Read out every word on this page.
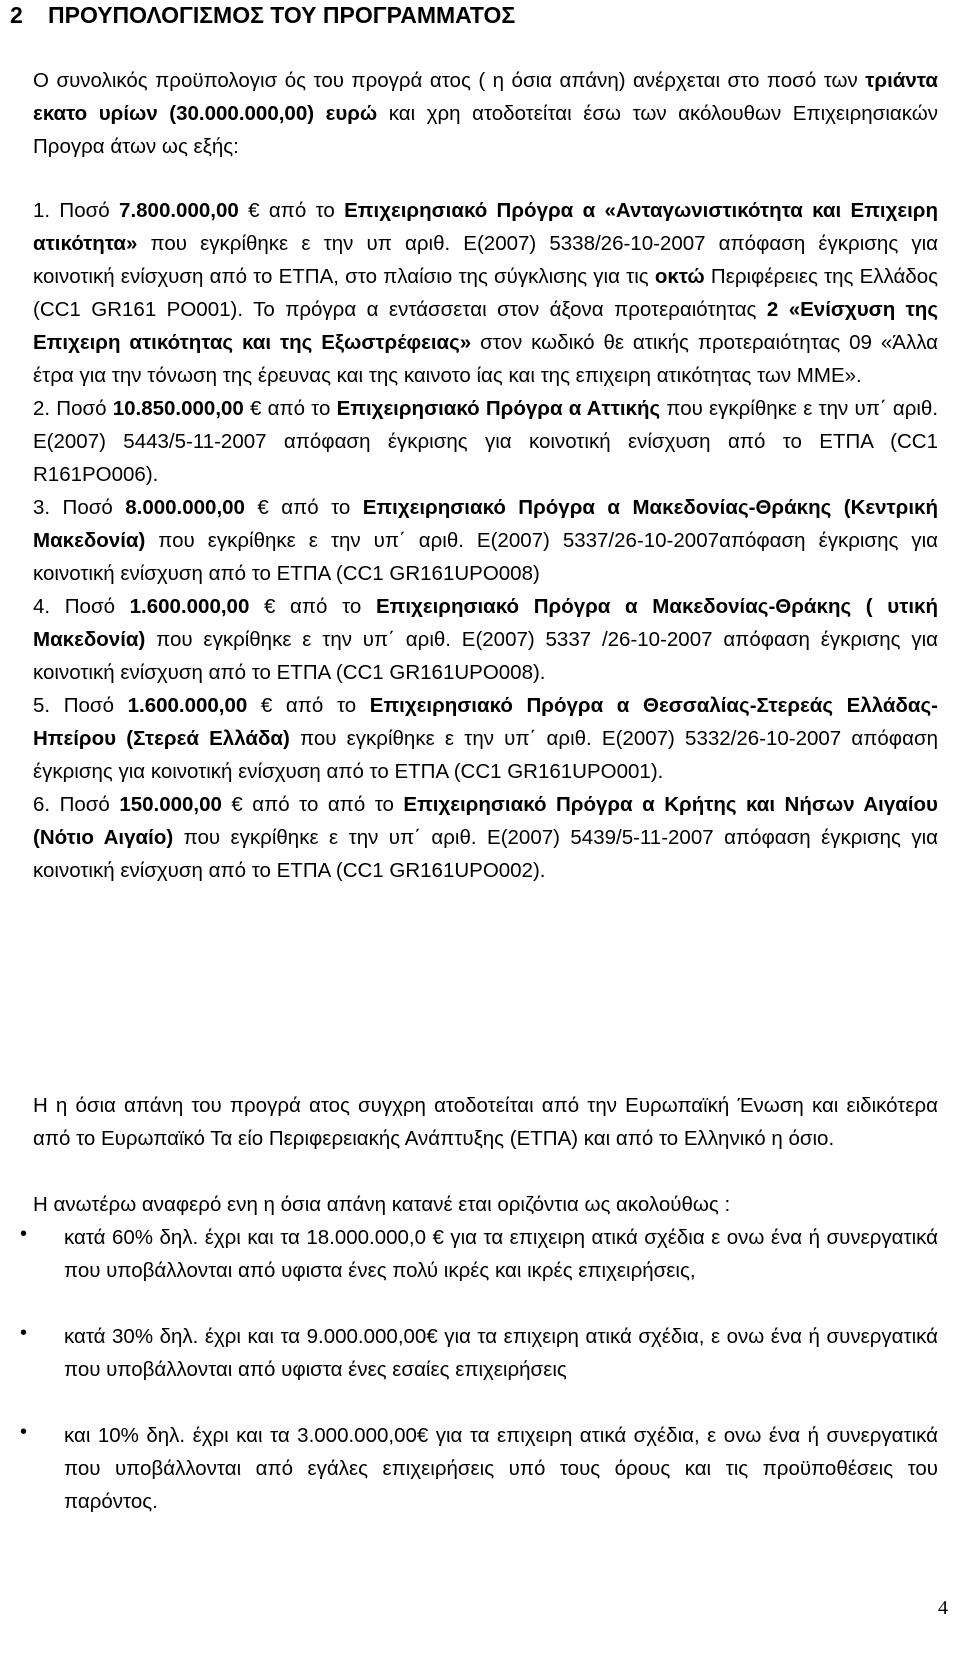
2 ΠΡΟΥΠΟΛΟΓΙΣΜΟΣ ΤΟΥ ΠΡΟΓΡΑΜΜΑΤΟΣ
Ο συνολικός προϋπολογισ ός του προγρά ατος ( η όσια απάνη) ανέρχεται στο ποσό των τριάντα εκατο υρίων (30.000.000,00) ευρώ και χρη ατοδοτείται έσω των ακόλουθων Επιχειρησιακών Προγρα άτων ως εξής:

1. Ποσό 7.800.000,00 € από το Επιχειρησιακό Πρόγρα α «Ανταγωνιστικότητα και Επιχειρη ατικότητα» που εγκρίθηκε ε την υπ αριθ. Ε(2007) 5338/26-10-2007 απόφαση έγκρισης για κοινοτική ενίσχυση από το ΕΤΠΑ, στο πλαίσιο της σύγκλισης για τις οκτώ Περιφέρειες της Ελλάδος (CC1 GR161 PO001). Το πρόγρα α εντάσσεται στον άξονα προτεραιότητας 2 «Ενίσχυση της Επιχειρη ατικότητας και της Εξωστρέφειας» στον κωδικό θε ατικής προτεραιότητας 09 «Άλλα έτρα για την τόνωση της έρευνας και της καινοτο ίας και της επιχειρη ατικότητας των ΜΜΕ».

2. Ποσό 10.850.000,00 € από το Επιχειρησιακό Πρόγρα α Αττικής που εγκρίθηκε ε την υπ΄ αριθ. Ε(2007) 5443/5-11-2007 απόφαση έγκρισης για κοινοτική ενίσχυση από το ΕΤΠΑ (CC1 R161PO006).

3. Ποσό 8.000.000,00 € από το Επιχειρησιακό Πρόγρα α Μακεδονίας-Θράκης (Κεντρική Μακεδονία) που εγκρίθηκε ε την υπ΄ αριθ. Ε(2007) 5337/26-10-2007απόφαση έγκρισης για κοινοτική ενίσχυση από το ΕΤΠΑ (CC1 GR161UPO008)

4. Ποσό 1.600.000,00 € από το Επιχειρησιακό Πρόγρα α Μακεδονίας-Θράκης ( υτική Μακεδονία) που εγκρίθηκε ε την υπ΄ αριθ. Ε(2007) 5337 /26-10-2007 απόφαση έγκρισης για κοινοτική ενίσχυση από το ΕΤΠΑ (CC1 GR161UPO008).

5. Ποσό 1.600.000,00 € από το Επιχειρησιακό Πρόγρα α Θεσσαλίας-Στερεάς Ελλάδας-Ηπείρου (Στερεά Ελλάδα) που εγκρίθηκε ε την υπ΄ αριθ. Ε(2007) 5332/26-10-2007 απόφαση έγκρισης για κοινοτική ενίσχυση από το ΕΤΠΑ (CC1 GR161UPO001).

6. Ποσό 150.000,00 € από το από το Επιχειρησιακό Πρόγρα α Κρήτης και Νήσων Αιγαίου (Νότιο Αιγαίο) που εγκρίθηκε ε την υπ΄ αριθ. Ε(2007) 5439/5-11-2007 απόφαση έγκρισης για κοινοτική ενίσχυση από το ΕΤΠΑ (CC1 GR161UPO002).

Η η όσια απάνη του προγρά ατος συγχρη ατοδοτείται από την Ευρωπαϊκή Ένωση και ειδικότερα από το Ευρωπαϊκό Τα είο Περιφερειακής Ανάπτυξης (ΕΤΠΑ) και από το Ελληνικό η όσιο.
Η ανωτέρω αναφερό ενη η όσια απάνη κατανέ εται οριζόντια ως ακολούθως :
• κατά 60% δηλ. έχρι και τα 18.000.000,0 € για τα επιχειρη ατικά σχέδια ε ονω ένα ή συνεργατικά που υποβάλλονται από υφιστα ένες πολύ ικρές και ικρές επιχειρήσεις,
• κατά 30% δηλ. έχρι και τα 9.000.000,00€ για τα επιχειρη ατικά σχέδια, ε ονω ένα ή συνεργατικά που υποβάλλονται από υφιστα ένες εσαίες επιχειρήσεις
• και 10% δηλ. έχρι και τα 3.000.000,00€ για τα επιχειρη ατικά σχέδια, ε ονω ένα ή συνεργατικά που υποβάλλονται από εγάλες επιχειρήσεις υπό τους όρους και τις προϋποθέσεις του παρόντος.
4
